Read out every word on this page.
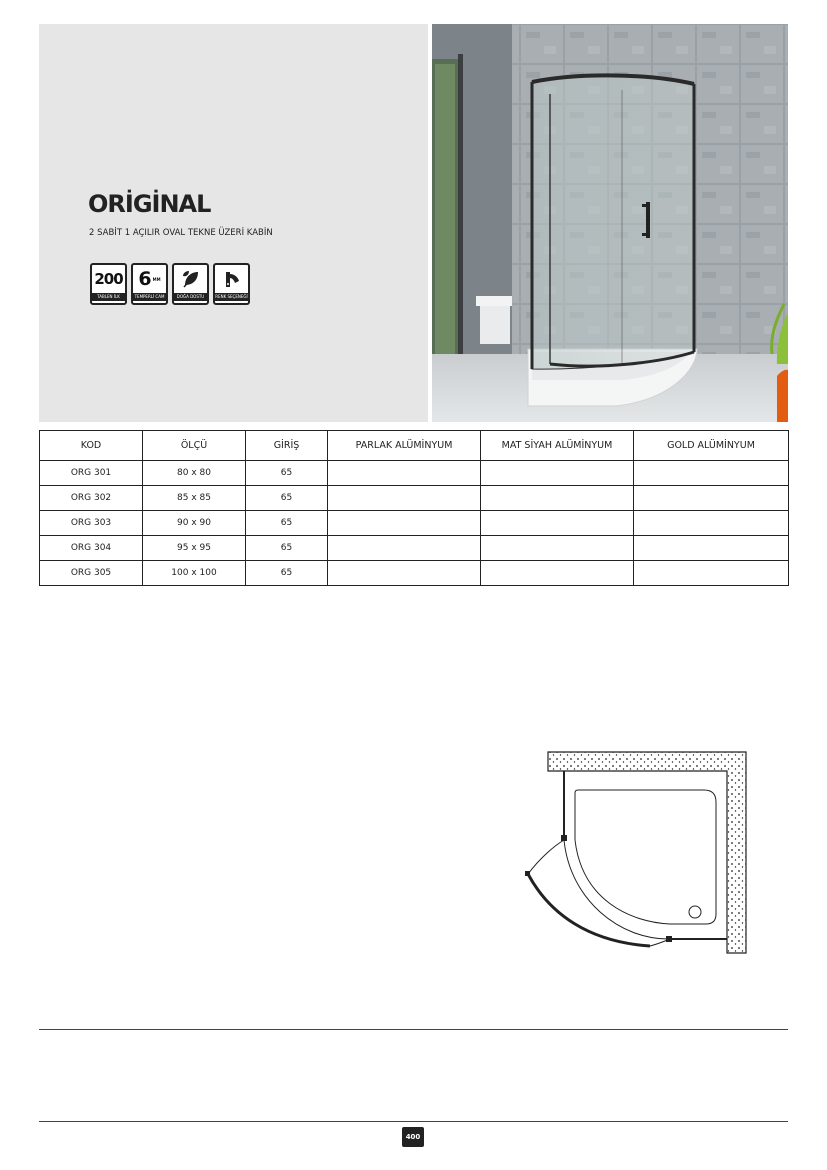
ORİGİNAL
2 SABİT 1 AÇILIR OVAL TEKNE ÜZERİ KABİN
200
TABLEN İLK
6 MM
TEMPERLİ CAM	DOĞA DOSTU	RENK SEÇENEĞİ
KOD	ÖLÇÜ	GİRİŞ	PARLAK ALÜMİNYUM	MAT SİYAH ALÜMİNYUM	GOLD ALÜMİNYUM
ORG 301	80 x 80	65			
ORG 302	85 x 85	65			
ORG 303	90 x 90	65			
ORG 304	95 x 95	65			
ORG 305	100 x 100	65			
400
